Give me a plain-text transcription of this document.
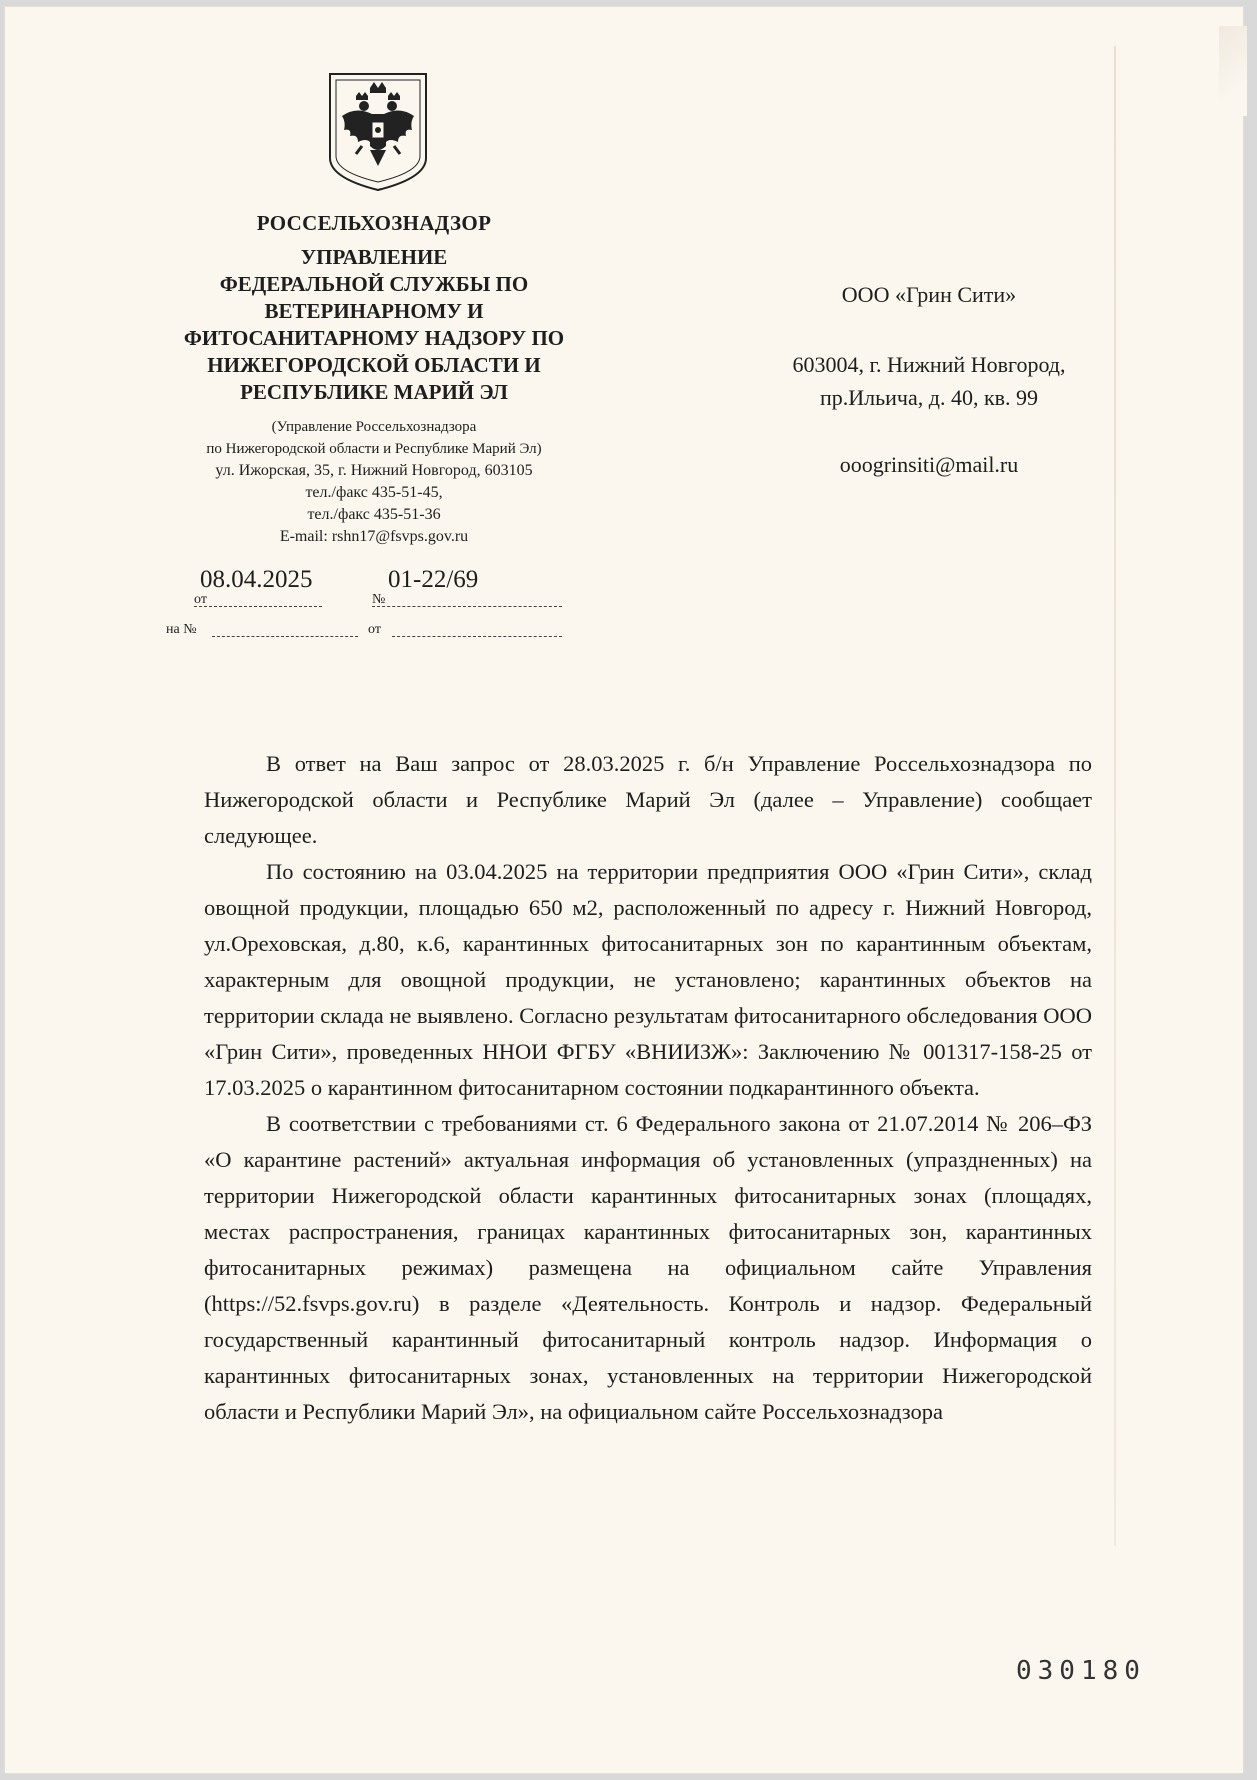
РОССЕЛЬХОЗНАДЗОР
УПРАВЛЕНИЕ
ФЕДЕРАЛЬНОЙ СЛУЖБЫ ПО
ВЕТЕРИНАРНОМУ И
ФИТОСАНИТАРНОМУ НАДЗОРУ ПО
НИЖЕГОРОДСКОЙ ОБЛАСТИ И
РЕСПУБЛИКЕ МАРИЙ ЭЛ
(Управление Россельхознадзора
по Нижегородской области и Республике Марий Эл)
ул. Ижорская, 35, г. Нижний Новгород, 603105
тел./факс 435-51-45,
тел./факс 435-51-36
E-mail: rshn17@fsvps.gov.ru
от
08.04.2025
№
01-22/69
на №	от
ООО «Грин Сити»
603004, г. Нижний Новгород,
пр.Ильича, д. 40, кв. 99
ooogrinsiti@mail.ru

В ответ на Ваш запрос от 28.03.2025 г. б/н Управление Россельхознадзора по Нижегородской области и Республике Марий Эл (далее – Управление) сообщает следующее.

По состоянию на 03.04.2025 на территории предприятия ООО «Грин Сити», склад овощной продукции, площадью 650 м2, расположенный по адресу г. Нижний Новгород, ул.Ореховская, д.80, к.6, карантинных фитосанитарных зон по карантинным объектам, характерным для овощной продукции, не установлено; карантинных объектов на территории склада не выявлено. Согласно результатам фитосанитарного обследования ООО «Грин Сити», проведенных ННОИ ФГБУ «ВНИИЗЖ»: Заключению № 001317-158-25 от 17.03.2025 о карантинном фитосанитарном состоянии подкарантинного объекта.

В соответствии с требованиями ст. 6 Федерального закона от 21.07.2014 № 206–ФЗ «О карантине растений» актуальная информация об установленных (упраздненных) на территории Нижегородской области карантинных фитосанитарных зонах (площадях, местах распространения, границах карантинных фитосанитарных зон, карантинных фитосанитарных режимах) размещена на официальном сайте Управления (https://52.fsvps.gov.ru) в разделе «Деятельность. Контроль и надзор. Федеральный государственный карантинный фитосанитарный контроль надзор. Информация о карантинных фитосанитарных зонах, установленных на территории Нижегородской области и Республики Марий Эл», на официальном сайте Россельхознадзора

030180
